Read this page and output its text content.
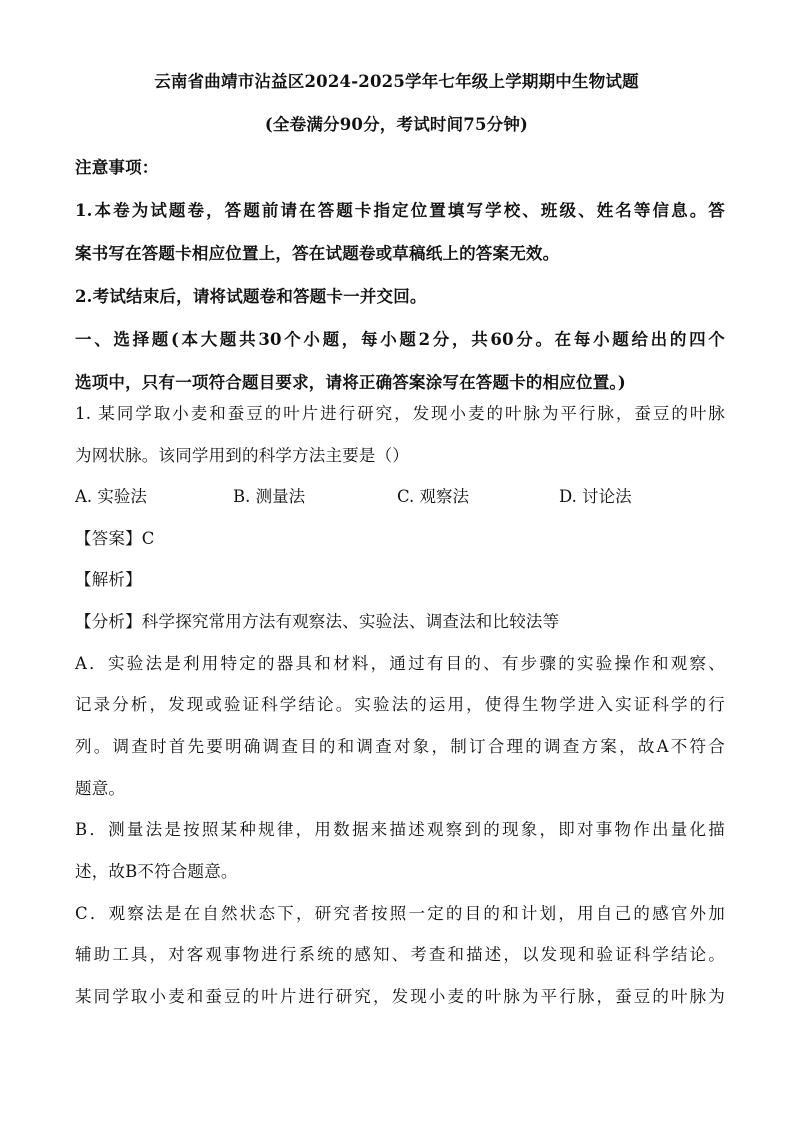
云南省曲靖市沾益区2024-2025学年七年级上学期期中生物试题
(全卷满分90分，考试时间75分钟)
注意事项：
1.本卷为试题卷，答题前请在答题卡指定位置填写学校、班级、姓名等信息。答
案书写在答题卡相应位置上，答在试题卷或草稿纸上的答案无效。
2.考试结束后，请将试题卷和答题卡一并交回。
一、选择题(本大题共30个小题，每小题2分，共60分。在每小题给出的四个
选项中，只有一项符合题目要求，请将正确答案涂写在答题卡的相应位置。)
1. 某同学取小麦和蚕豆的叶片进行研究，发现小麦的叶脉为平行脉，蚕豆的叶脉
为网状脉。该同学用到的科学方法主要是（）
A. 实验法	B. 测量法	C. 观察法	D. 讨论法
【答案】C
【解析】
【分析】科学探究常用方法有观察法、实验法、调查法和比较法等
A．实验法是利用特定的器具和材料，通过有目的、有步骤的实验操作和观察、
记录分析，发现或验证科学结论。实验法的运用，使得生物学进入实证科学的行
列。调查时首先要明确调查目的和调查对象，制订合理的调查方案，故A不符合
题意。
B．测量法是按照某种规律，用数据来描述观察到的现象，即对事物作出量化描
述，故B不符合题意。
C．观察法是在自然状态下，研究者按照一定的目的和计划，用自己的感官外加
辅助工具，对客观事物进行系统的感知、考查和描述，以发现和验证科学结论。
某同学取小麦和蚕豆的叶片进行研究，发现小麦的叶脉为平行脉，蚕豆的叶脉为
